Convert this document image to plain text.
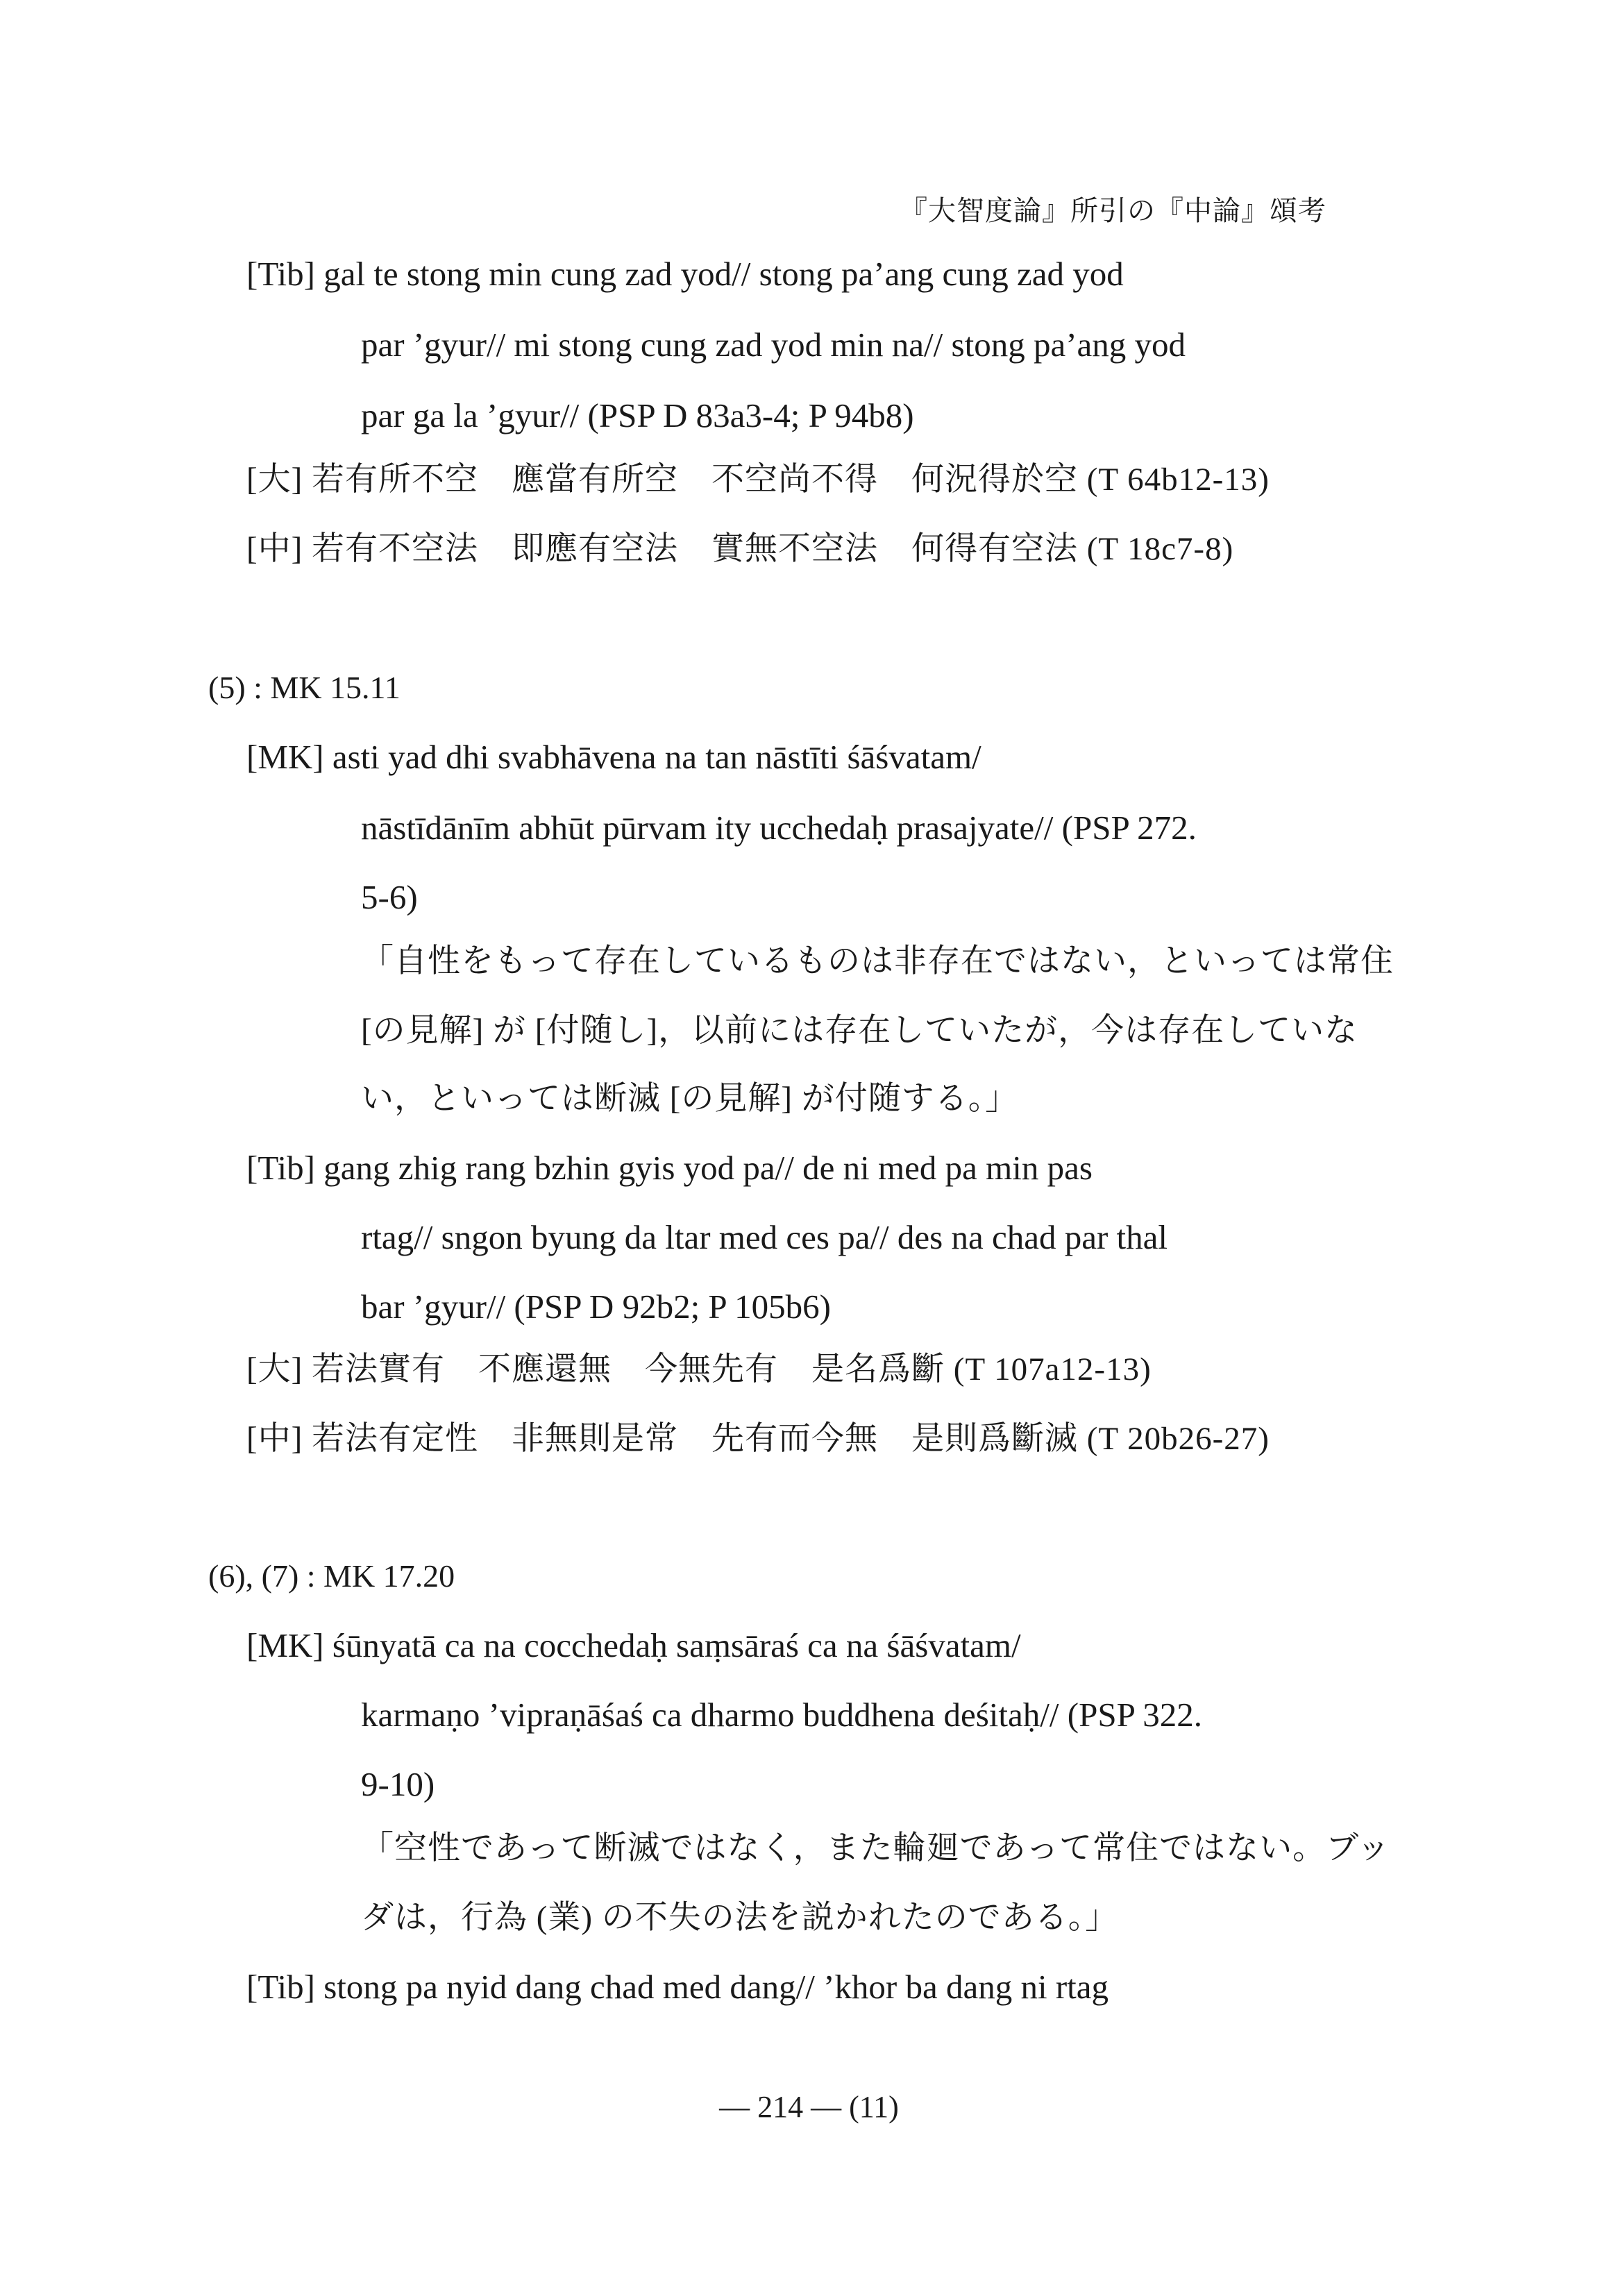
『大智度論』所引の『中論』頌考
[Tib] gal te stong min cung zad yod// stong pa’ang cung zad yod
par ’gyur// mi stong cung zad yod min na// stong pa’ang yod
par ga la ’gyur// (PSP D 83a3-4; P 94b8)
[大] 若有所不空　應當有所空　不空尚不得　何況得於空 (T 64b12-13)
[中] 若有不空法　即應有空法　實無不空法　何得有空法 (T 18c7-8)
(5) : MK 15.11
[MK] asti yad dhi svabhāvena na tan nāstīti śāśvatam/
nāstīdānīm abhūt pūrvam ity ucchedaḥ prasajyate// (PSP 272.
5-6)
「自性をもって存在しているものは非存在ではない，といっては常住
[の見解] が [付随し]，以前には存在していたが，今は存在していな
い，といっては断滅 [の見解] が付随する。」
[Tib] gang zhig rang bzhin gyis yod pa// de ni med pa min pas
rtag// sngon byung da ltar med ces pa// des na chad par thal
bar ’gyur// (PSP D 92b2; P 105b6)
[大] 若法實有　不應還無　今無先有　是名爲斷 (T 107a12-13)
[中] 若法有定性　非無則是常　先有而今無　是則爲斷滅 (T 20b26-27)
(6), (7) : MK 17.20
[MK] śūnyatā ca na cocchedaḥ saṃsāraś ca na śāśvatam/
karmaṇo ’vipraṇāśaś ca dharmo buddhena deśitaḥ// (PSP 322.
9-10)
「空性であって断滅ではなく，また輪廻であって常住ではない。ブッ
ダは，行為 (業) の不失の法を説かれたのである。」
[Tib] stong pa nyid dang chad med dang// ’khor ba dang ni rtag
— 214 — (11)
